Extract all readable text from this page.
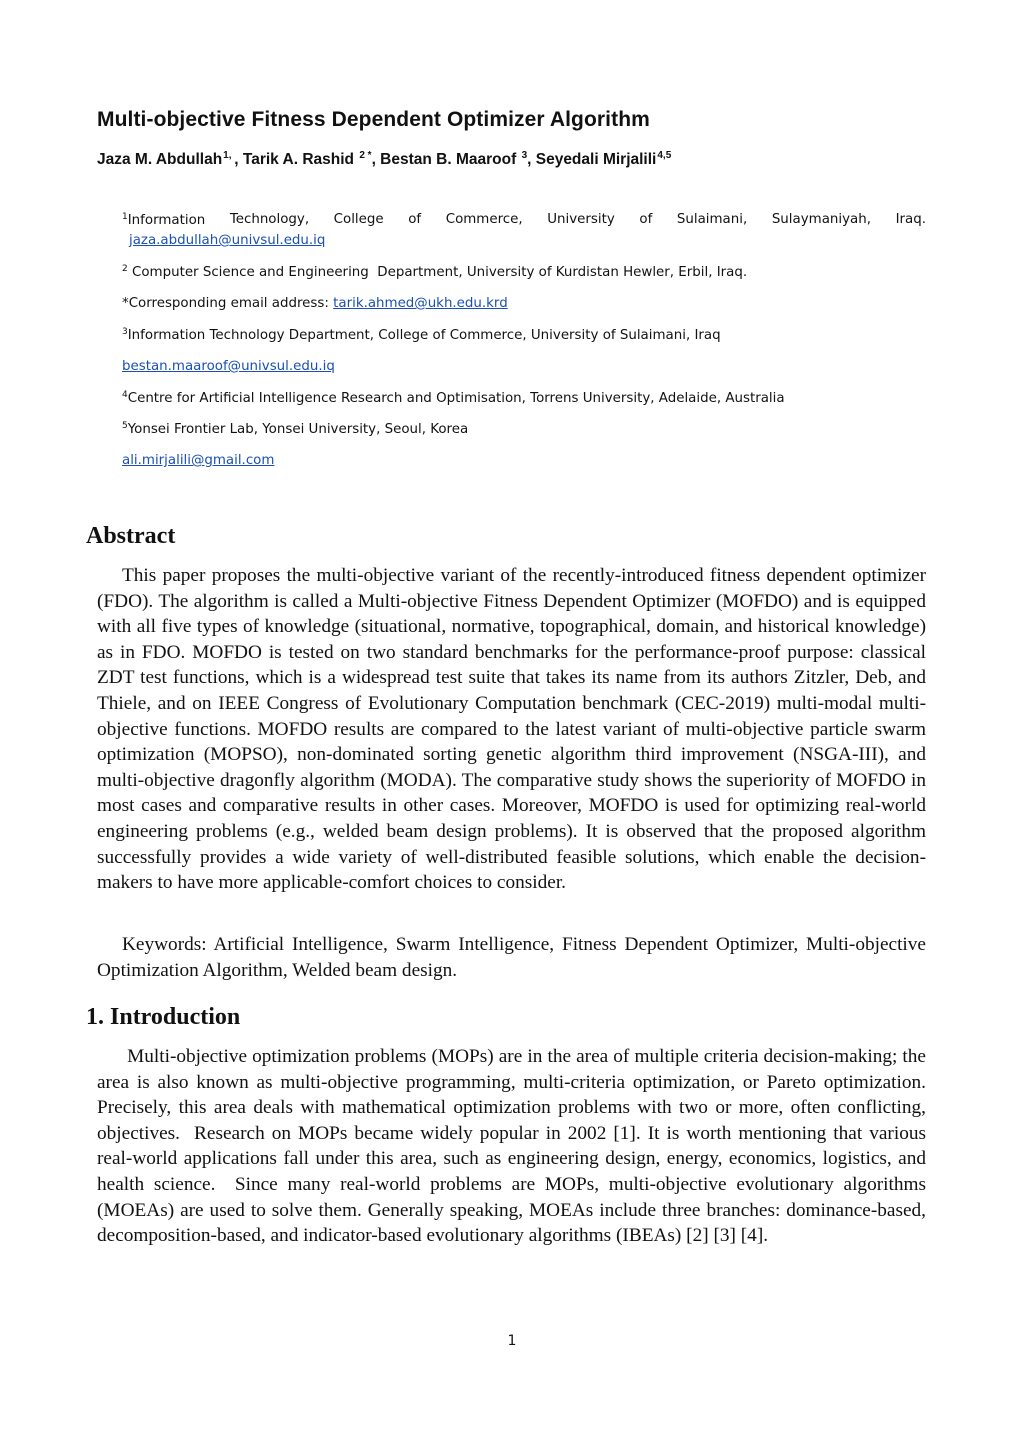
Multi-objective Fitness Dependent Optimizer Algorithm
Jaza M. Abdullah$^{1,}$ , Tarik A. Rashid $^{2 *}$, Bestan B. Maaroof $^3$, Seyedali Mirjalili$^{4,5}$
$^1$Information Technology, College of Commerce, University of Sulaimani, Sulaymaniyah, Iraq.
jaza.abdullah@univsul.edu.iq
$^2$ Computer Science and Engineering  Department, University of Kurdistan Hewler, Erbil, Iraq.
*Corresponding email address: tarik.ahmed@ukh.edu.krd
$^3$Information Technology Department, College of Commerce, University of Sulaimani, Iraq
bestan.maaroof@univsul.edu.iq
$^4$Centre for Artificial Intelligence Research and Optimisation, Torrens University, Adelaide, Australia
$^5$Yonsei Frontier Lab, Yonsei University, Seoul, Korea
ali.mirjalili@gmail.com
Abstract

This paper proposes the multi-objective variant of the recently-introduced fitness dependent optimizer (FDO). The algorithm is called a Multi-objective Fitness Dependent Optimizer (MOFDO) and is equipped with all five types of knowledge (situational, normative, topographical, domain, and historical knowledge) as in FDO. MOFDO is tested on two standard benchmarks for the performance-proof purpose: classical ZDT test functions, which is a widespread test suite that takes its name from its authors Zitzler, Deb, and Thiele, and on IEEE Congress of Evolutionary Computation benchmark (CEC-2019) multi-modal multi-objective functions. MOFDO results are compared to the latest variant of multi-objective particle swarm optimization (MOPSO), non-dominated sorting genetic algorithm third improvement (NSGA-III), and multi-objective dragonfly algorithm (MODA). The comparative study shows the superiority of MOFDO in most cases and comparative results in other cases. Moreover, MOFDO is used for optimizing real-world engineering problems (e.g., welded beam design problems). It is observed that the proposed algorithm successfully provides a wide variety of well-distributed feasible solutions, which enable the decision-makers to have more applicable-comfort choices to consider.

Keywords: Artificial Intelligence, Swarm Intelligence, Fitness Dependent Optimizer, Multi-objective Optimization Algorithm, Welded beam design.

1. Introduction

Multi-objective optimization problems (MOPs) are in the area of multiple criteria decision-making; the area is also known as multi-objective programming, multi-criteria optimization, or Pareto optimization. Precisely, this area deals with mathematical optimization problems with two or more, often conflicting, objectives.  Research on MOPs became widely popular in 2002 [1]. It is worth mentioning that various real-world applications fall under this area, such as engineering design, energy, economics, logistics, and health science.  Since many real-world problems are MOPs, multi-objective evolutionary algorithms (MOEAs) are used to solve them. Generally speaking, MOEAs include three branches: dominance-based, decomposition-based, and indicator-based evolutionary algorithms (IBEAs) [2] [3] [4].

1
